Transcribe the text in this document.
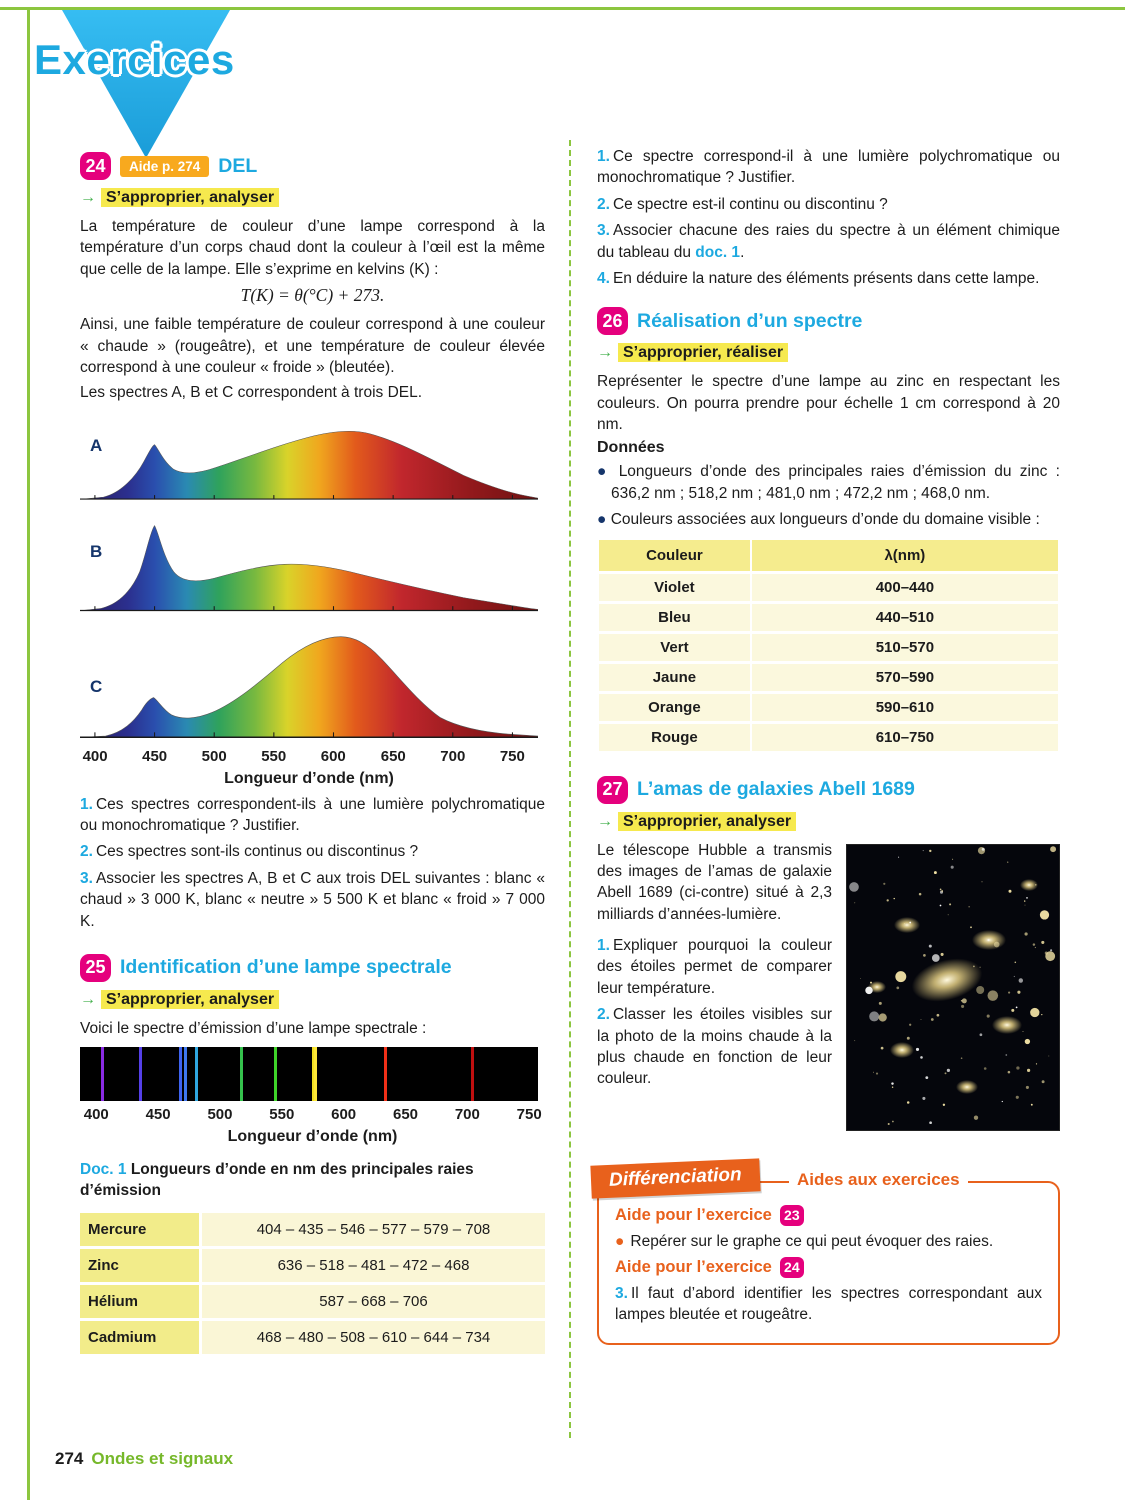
Exercices
24	Aide p. 274 DEL
→ S’approprier, analyser

La température de couleur d’une lampe correspond à la température d’un corps chaud dont la couleur à l’œil est la même que celle de la lampe. Elle s’exprime en kelvins (K) :

T(K) = θ(°C) + 273.

Ainsi, une faible température de couleur correspond à une couleur « chaude » (rougeâtre), et une température de couleur élevée correspond à une couleur « froide » (bleutée).

Les spectres A, B et C correspondent à trois DEL.

A
B
C
400 450 500 550 600 650 700 750
Longueur d’onde (nm)

1. Ces spectres correspondent-ils à une lumière polychromatique ou monochromatique ? Justifier.

2. Ces spectres sont-ils continus ou discontinus ?

3. Associer les spectres A, B et C aux trois DEL suivantes : blanc « chaud » 3 000 K, blanc « neutre » 5 500 K et blanc « froid » 7 000 K.

25 Identification d’une lampe spectrale
→ S’approprier, analyser

Voici le spectre d’émission d’une lampe spectrale :

400 450 500 550 600 650 700 750
Longueur d’onde (nm)
Doc. 1 Longueurs d’onde en nm des principales raies d’émission
Mercure	404 – 435 – 546 – 577 – 579 – 708
Zinc	636 – 518 – 481 – 472 – 468
Hélium	587 – 668 – 706
Cadmium	468 – 480 – 508 – 610 – 644 – 734

1. Ce spectre correspond-il à une lumière polychromatique ou monochromatique ? Justifier.

2. Ce spectre est-il continu ou discontinu ?

3. Associer chacune des raies du spectre à un élément chimique du tableau du doc. 1.

4. En déduire la nature des éléments présents dans cette lampe.

26 Réalisation d’un spectre
→ S’approprier, réaliser

Représenter le spectre d’une lampe au zinc en respectant les couleurs. On pourra prendre pour échelle 1 cm correspond à 20 nm.

Données

● Longueurs d’onde des principales raies d’émission du zinc : 636,2 nm ; 518,2 nm ; 481,0 nm ; 472,2 nm ; 468,0 nm.

● Couleurs associées aux longueurs d’onde du domaine visible :

Couleur	λ(nm)
Violet	400–440
Bleu	440–510
Vert	510–570
Jaune	570–590
Orange	590–610
Rouge	610–750
27 L’amas de galaxies Abell 1689
→ S’approprier, analyser

Le télescope Hubble a transmis des images de l’amas de galaxie Abell 1689 (ci-contre) situé à 2,3 milliards d’années-lumière.

1. Expliquer pourquoi la couleur des étoiles permet de comparer leur température.

2. Classer les étoiles visibles sur la photo de la moins chaude à la plus chaude en fonction de leur couleur.

Différenciation	Aides aux exercices
Aide pour l’exercice 23

● Repérer sur le graphe ce qui peut évoquer des raies.

Aide pour l’exercice 24

3. Il faut d’abord identifier les spectres correspondant aux lampes bleutée et rougeâtre.

274 Ondes et signaux
